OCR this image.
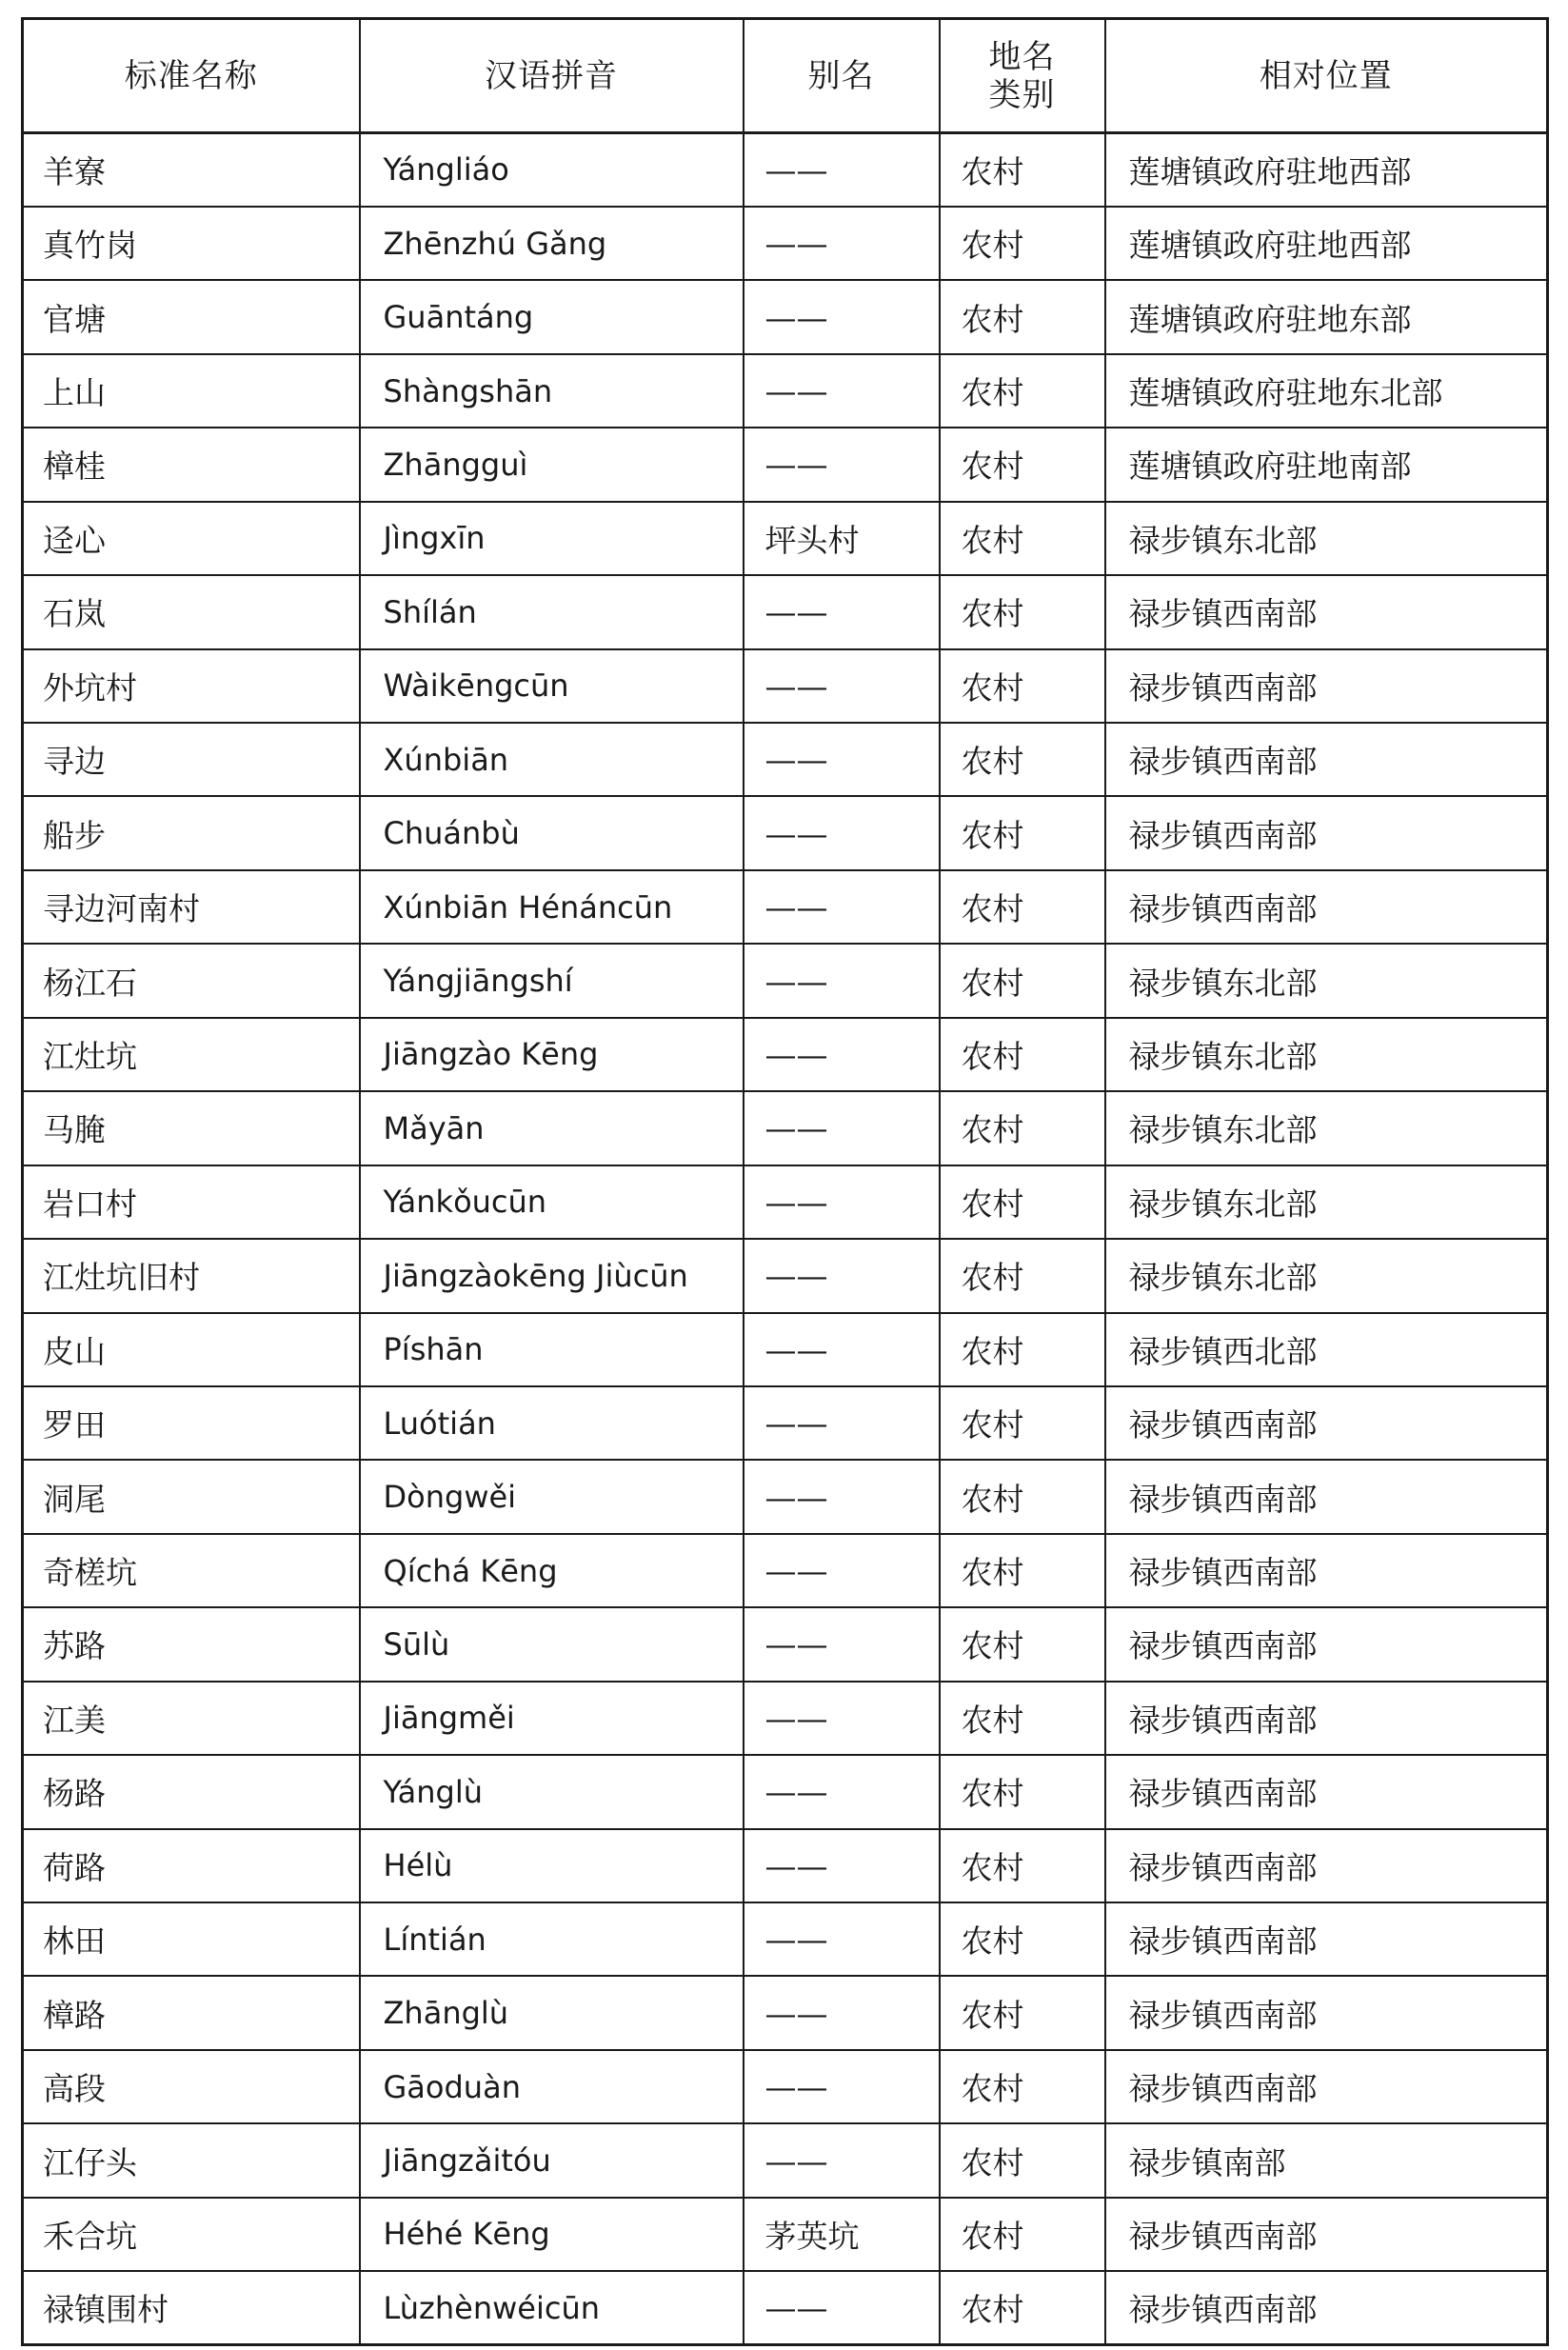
标准名称	汉语拼音	别名	地名类别	相对位置
羊寮	Yángliáo	——	农村	莲塘镇政府驻地西部
真竹岗	Zhēnzhú Gǎng	——	农村	莲塘镇政府驻地西部
官塘	Guāntáng	——	农村	莲塘镇政府驻地东部
上山	Shàngshān	——	农村	莲塘镇政府驻地东北部
樟桂	Zhāngguì	——	农村	莲塘镇政府驻地南部
迳心	Jìngxīn	坪头村	农村	禄步镇东北部
石岚	Shílán	——	农村	禄步镇西南部
外坑村	Wàikēngcūn	——	农村	禄步镇西南部
寻边	Xúnbiān	——	农村	禄步镇西南部
船步	Chuánbù	——	农村	禄步镇西南部
寻边河南村	Xúnbiān Hénáncūn	——	农村	禄步镇西南部
杨江石	Yángjiāngshí	——	农村	禄步镇东北部
江灶坑	Jiāngzào Kēng	——	农村	禄步镇东北部
马腌	Mǎyān	——	农村	禄步镇东北部
岩口村	Yánkǒucūn	——	农村	禄步镇东北部
江灶坑旧村	Jiāngzàokēng Jiùcūn	——	农村	禄步镇东北部
皮山	Píshān	——	农村	禄步镇西北部
罗田	Luótián	——	农村	禄步镇西南部
洞尾	Dòngwěi	——	农村	禄步镇西南部
奇槎坑	Qíchá Kēng	——	农村	禄步镇西南部
苏路	Sūlù	——	农村	禄步镇西南部
江美	Jiāngměi	——	农村	禄步镇西南部
杨路	Yánglù	——	农村	禄步镇西南部
荷路	Hélù	——	农村	禄步镇西南部
林田	Líntián	——	农村	禄步镇西南部
樟路	Zhānglù	——	农村	禄步镇西南部
高段	Gāoduàn	——	农村	禄步镇西南部
江仔头	Jiāngzǎitóu	——	农村	禄步镇南部
禾合坑	Héhé Kēng	茅英坑	农村	禄步镇西南部
禄镇围村	Lùzhènwéicūn	——	农村	禄步镇西南部
